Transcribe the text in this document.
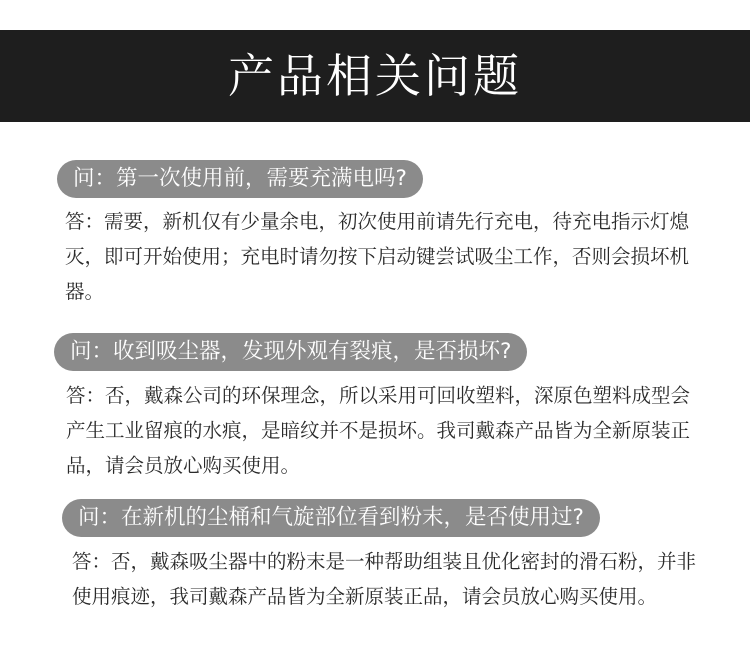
产品相关问题
问：第一次使用前，需要充满电吗?
答：需要，新机仅有少量余电，初次使用前请先行充电，待充电指示灯熄灭，即可开始使用；充电时请勿按下启动键尝试吸尘工作，否则会损坏机器。
问：收到吸尘器，发现外观有裂痕，是否损坏?
答：否，戴森公司的环保理念，所以采用可回收塑料，深原色塑料成型会产生工业留痕的水痕，是暗纹并不是损坏。我司戴森产品皆为全新原装正品，请会员放心购买使用。
问：在新机的尘桶和气旋部位看到粉末，是否使用过?
答：否，戴森吸尘器中的粉末是一种帮助组装且优化密封的滑石粉，并非使用痕迹，我司戴森产品皆为全新原装正品，请会员放心购买使用。
